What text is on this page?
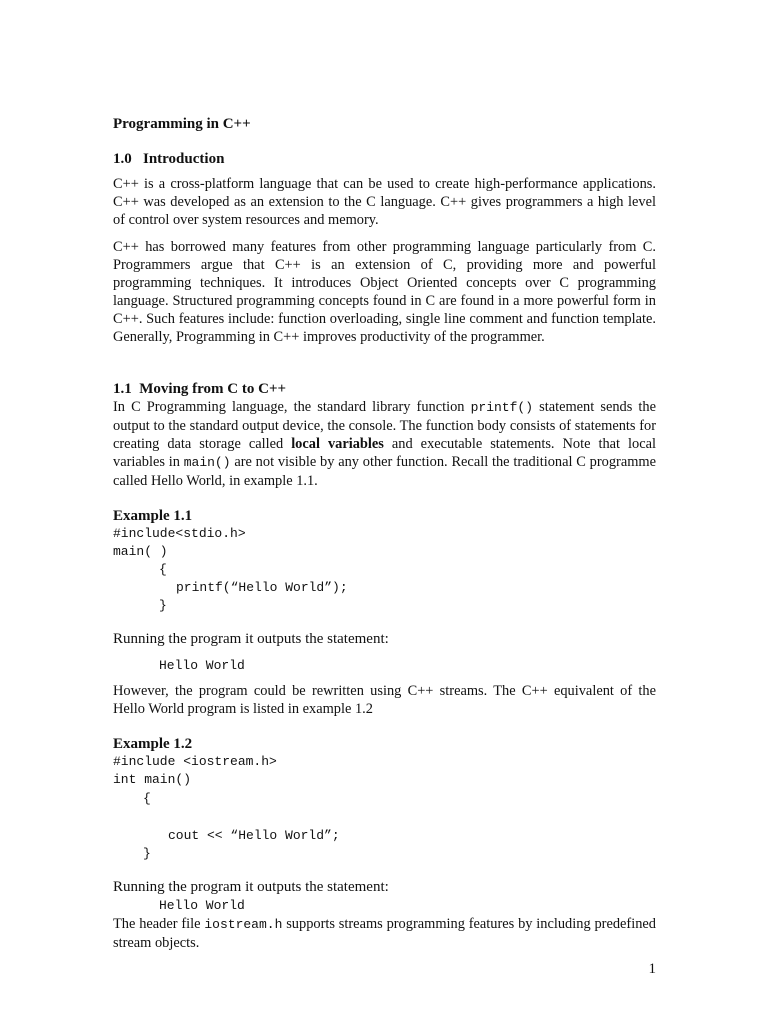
Programming in C++
1.0 Introduction

C++ is a cross-platform language that can be used to create high-performance applications. C++ was developed as an extension to the C language. C++ gives programmers a high level of control over system resources and memory.

C++ has borrowed many features from other programming language particularly from C. Programmers argue that C++ is an extension of C, providing more and powerful programming techniques. It introduces Object Oriented concepts over C programming language. Structured programming concepts found in C are found in a more powerful form in C++. Such features include: function overloading, single line comment and function template. Generally, Programming in C++ improves productivity of the programmer.

1.1 Moving from C to C++

In C Programming language, the standard library function printf() statement sends the output to the standard output device, the console. The function body consists of statements for creating data storage called local variables and executable statements. Note that local variables in main() are not visible by any other function. Recall the traditional C programme called Hello World, in example 1.1.

Example 1.1
#include<stdio.h>
main( )
{
printf(“Hello World”);
}

Running the program it outputs the statement:

Hello World

However, the program could be rewritten using C++ streams. The C++ equivalent of the Hello World program is listed in example 1.2

Example 1.2
#include <iostream.h>
int main()
{
cout << “Hello World”;
}

Running the program it outputs the statement:

Hello World

The header file iostream.h supports streams programming features by including predefined stream objects.

1
